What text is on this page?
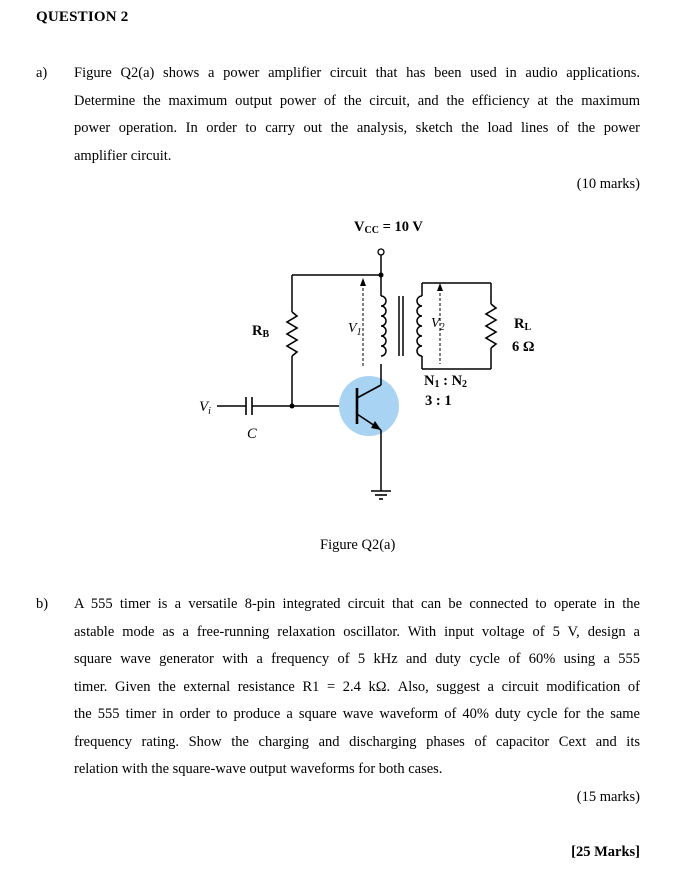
QUESTION 2
a) Figure Q2(a) shows a power amplifier circuit that has been used in audio applications.
Determine the maximum output power of the circuit, and the efficiency at the maximum
power operation. In order to carry out the analysis, sketch the load lines of the power
amplifier circuit.
(10 marks)
VCC = 10 V
RB
$V_i$
C
$V_1$
$V_2$	RL
6 Ω
N1 : N2
3 : 1
Figure Q2(a)
b) A 555 timer is a versatile 8-pin integrated circuit that can be connected to operate in the
astable mode as a free-running relaxation oscillator. With input voltage of 5 V, design a
square wave generator with a frequency of 5 kHz and duty cycle of 60% using a 555
timer. Given the external resistance R1 = 2.4 kΩ. Also, suggest a circuit modification of
the 555 timer in order to produce a square wave waveform of 40% duty cycle for the same
frequency rating. Show the charging and discharging phases of capacitor Cext and its
relation with the square-wave output waveforms for both cases.
(15 marks)
[25 Marks]
